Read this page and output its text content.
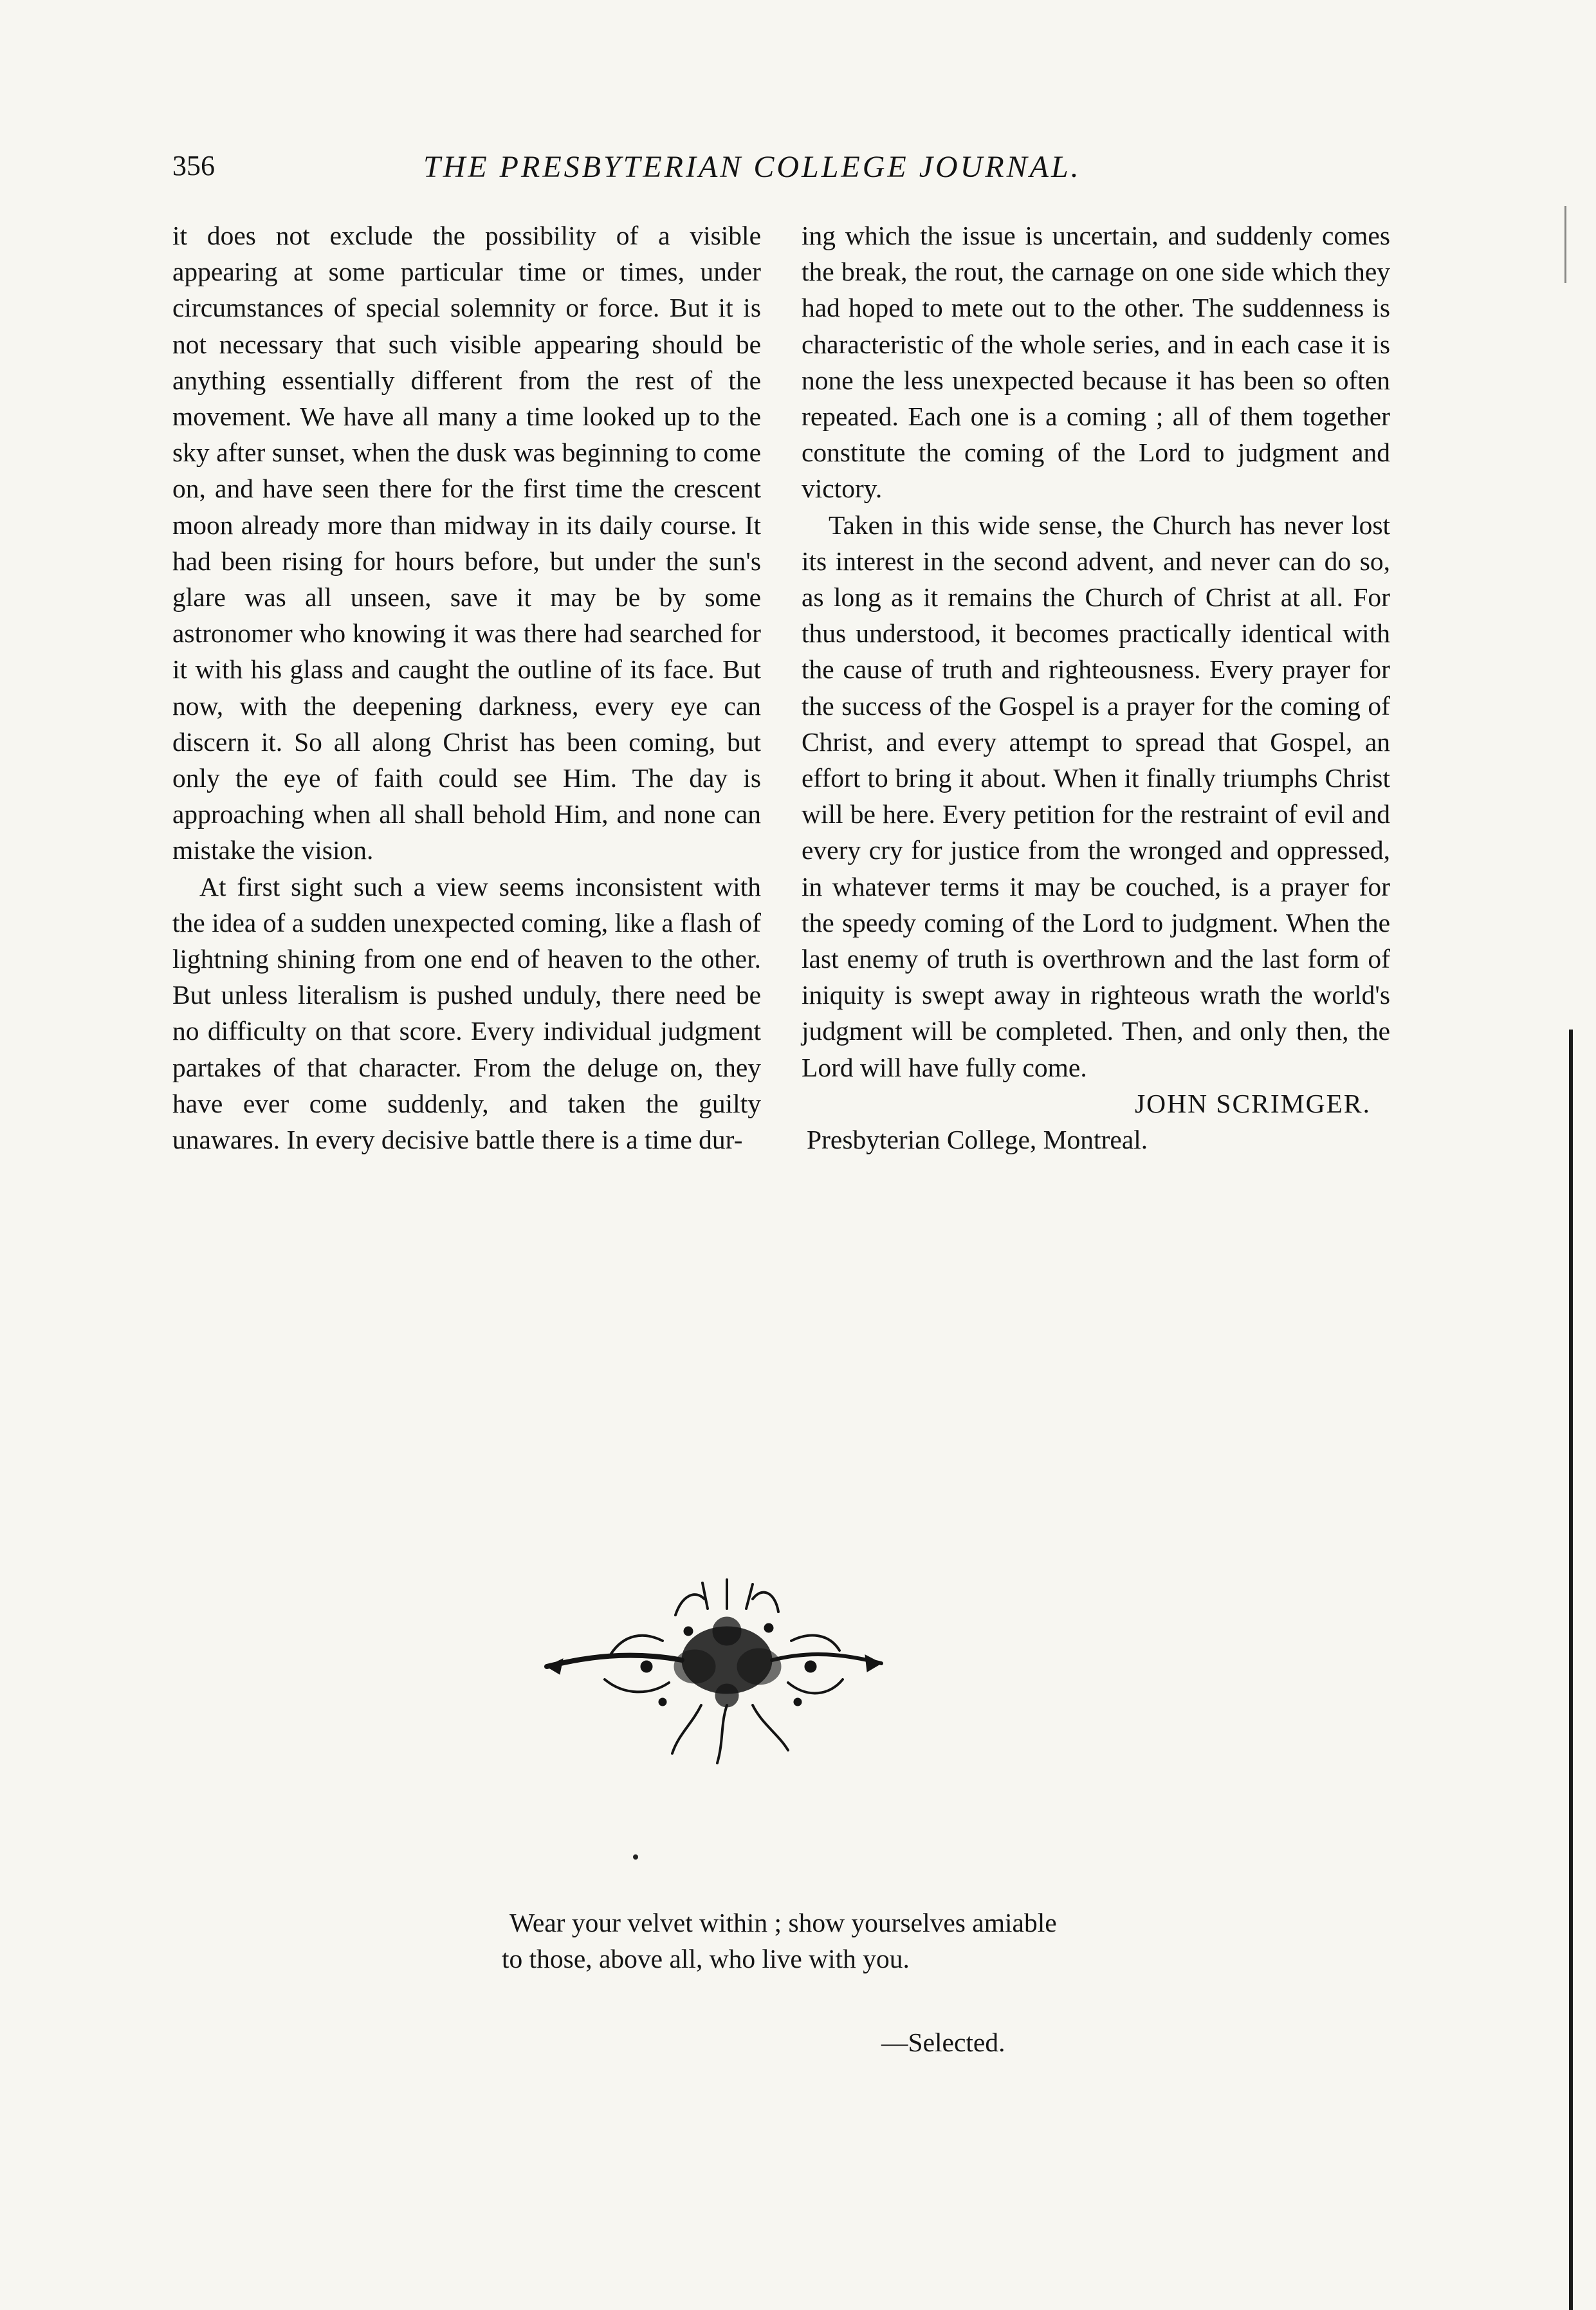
356	THE PRESBYTERIAN COLLEGE JOURNAL.

it does not exclude the possibility of a visible appearing at some particular time or times, under circumstances of special solemnity or force. But it is not necessary that such visible appearing should be anything essentially different from the rest of the movement. We have all many a time looked up to the sky after sunset, when the dusk was beginning to come on, and have seen there for the first time the crescent moon already more than midway in its daily course. It had been rising for hours before, but under the sun's glare was all unseen, save it may be by some astronomer who knowing it was there had searched for it with his glass and caught the outline of its face. But now, with the deepening darkness, every eye can discern it. So all along Christ has been coming, but only the eye of faith could see Him. The day is approaching when all shall behold Him, and none can mistake the vision.

At first sight such a view seems inconsistent with the idea of a sudden unexpected coming, like a flash of lightning shining from one end of heaven to the other. But unless literalism is pushed unduly, there need be no difficulty on that score. Every individual judgment partakes of that character. From the deluge on, they have ever come suddenly, and taken the guilty unawares. In every decisive battle there is a time dur-

ing which the issue is uncertain, and suddenly comes the break, the rout, the carnage on one side which they had hoped to mete out to the other. The suddenness is characteristic of the whole series, and in each case it is none the less unexpected because it has been so often repeated. Each one is a coming ; all of them together constitute the coming of the Lord to judgment and victory.

Taken in this wide sense, the Church has never lost its interest in the second advent, and never can do so, as long as it remains the Church of Christ at all. For thus understood, it becomes practically identical with the cause of truth and righteousness. Every prayer for the success of the Gospel is a prayer for the coming of Christ, and every attempt to spread that Gospel, an effort to bring it about. When it finally triumphs Christ will be here. Every petition for the restraint of evil and every cry for justice from the wronged and oppressed, in whatever terms it may be couched, is a prayer for the speedy coming of the Lord to judgment. When the last enemy of truth is overthrown and the last form of iniquity is swept away in righteous wrath the world's judgment will be completed. Then, and only then, the Lord will have fully come.

JOHN SCRIMGER.

Presbyterian College, Montreal.

Wear your velvet within ; show yourselves amiable to those, above all, who live with you.

—Selected.
